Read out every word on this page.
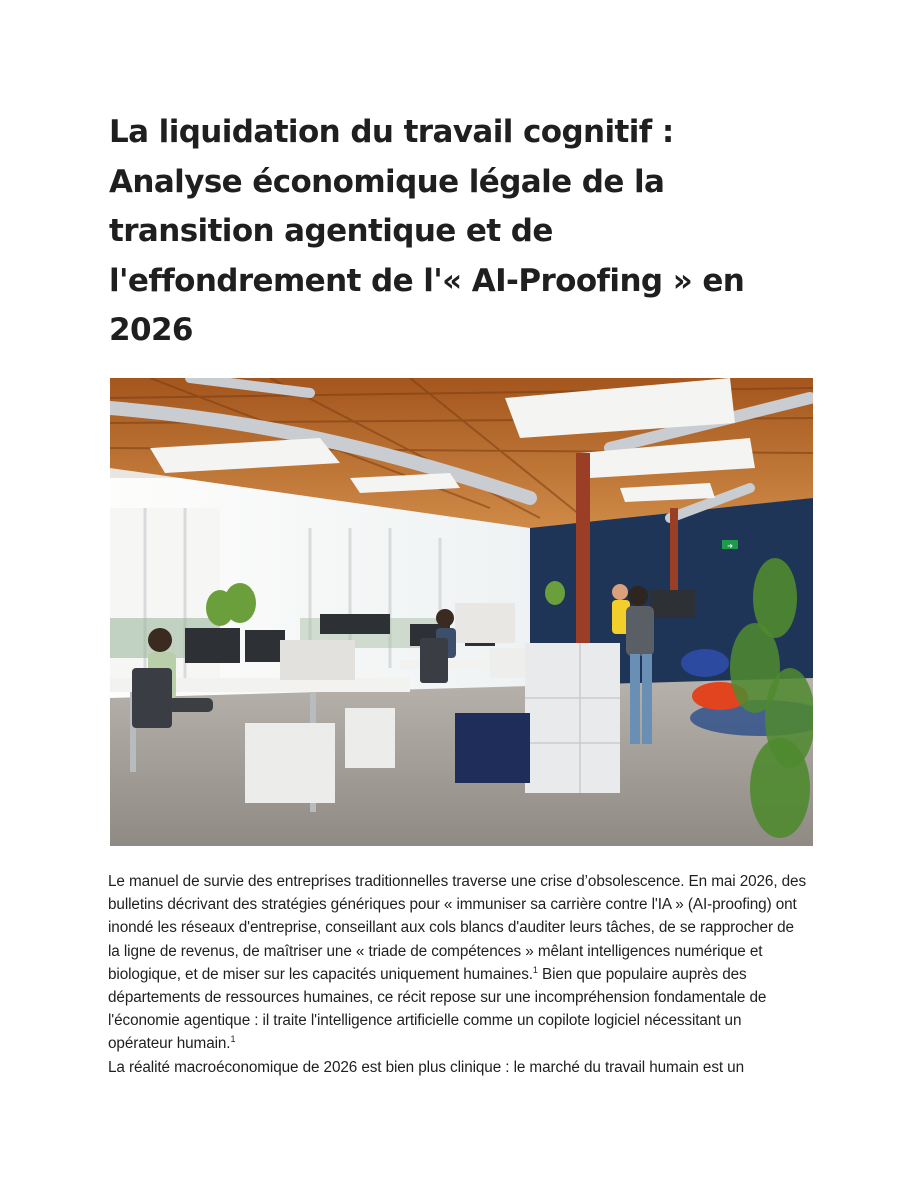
La liquidation du travail cognitif : Analyse économique légale de la transition agentique et de l'effondrement de l'« AI-Proofing » en 2026
➜

Le manuel de survie des entreprises traditionnelles traverse une crise d’obsolescence. En mai 2026, des bulletins décrivant des stratégies génériques pour « immuniser sa carrière contre l'IA » (AI-proofing) ont inondé les réseaux d'entreprise, conseillant aux cols blancs d'auditer leurs tâches, de se rapprocher de la ligne de revenus, de maîtriser une « triade de compétences » mêlant intelligences numérique et biologique, et de miser sur les capacités uniquement humaines.$^1$ Bien que populaire auprès des départements de ressources humaines, ce récit repose sur une incompréhension fondamentale de l'économie agentique : il traite l'intelligence artificielle comme un copilote logiciel nécessitant un opérateur humain.$^1$

La réalité macroéconomique de 2026 est bien plus clinique : le marché du travail humain est un
